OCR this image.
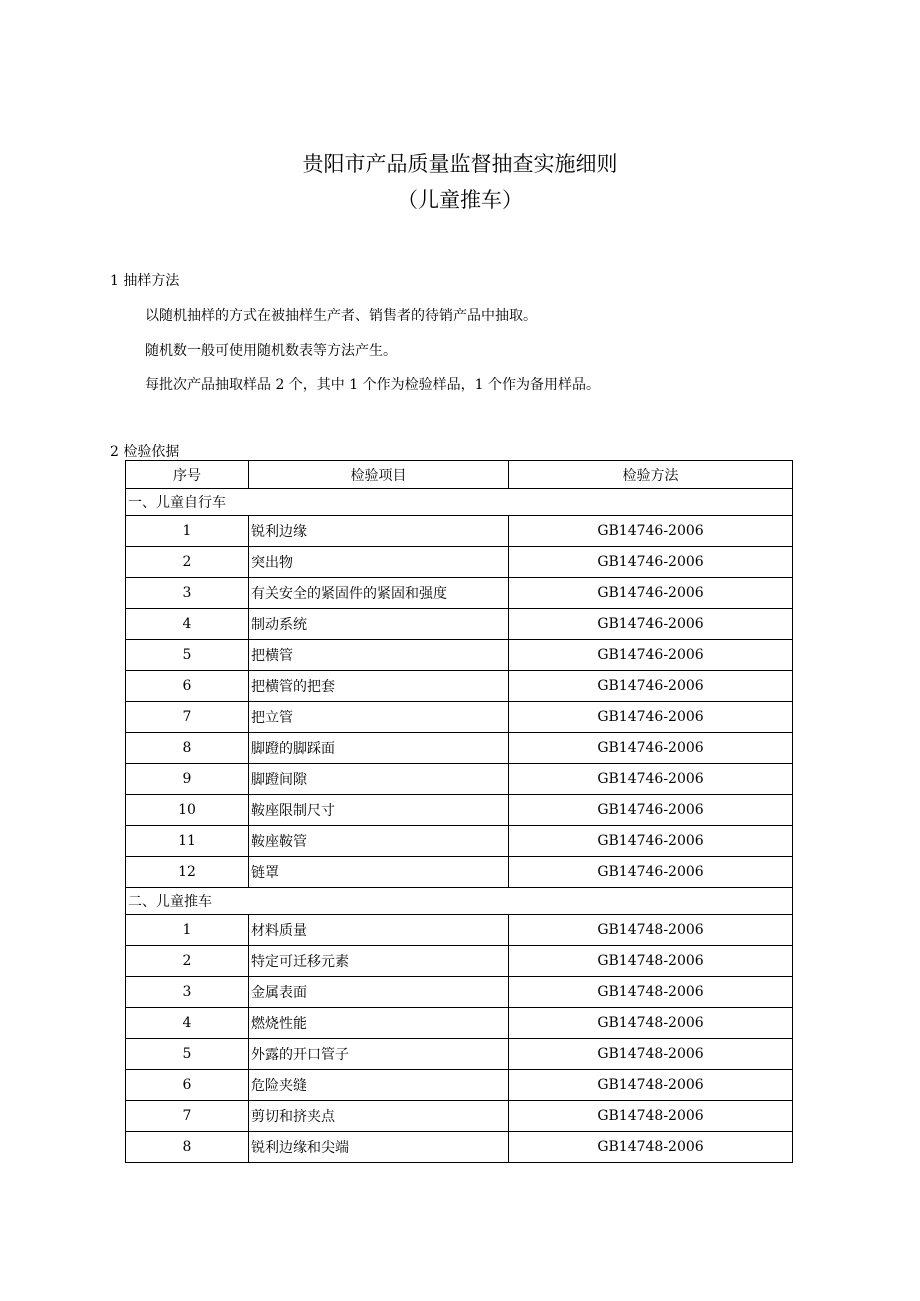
贵阳市产品质量监督抽查实施细则
（儿童推车）
1 抽样方法
以随机抽样的方式在被抽样生产者、销售者的待销产品中抽取。
随机数一般可使用随机数表等方法产生。
每批次产品抽取样品 2 个，其中 1 个作为检验样品，1 个作为备用样品。
2 检验依据
序号	检验项目	检验方法
一、儿童自行车		
1	锐利边缘	GB14746-2006
2	突出物	GB14746-2006
3	有关安全的紧固件的紧固和强度	GB14746-2006
4	制动系统	GB14746-2006
5	把横管	GB14746-2006
6	把横管的把套	GB14746-2006
7	把立管	GB14746-2006
8	脚蹬的脚踩面	GB14746-2006
9	脚蹬间隙	GB14746-2006
10	鞍座限制尺寸	GB14746-2006
11	鞍座鞍管	GB14746-2006
12	链罩	GB14746-2006
二、儿童推车		
1	材料质量	GB14748-2006
2	特定可迁移元素	GB14748-2006
3	金属表面	GB14748-2006
4	燃烧性能	GB14748-2006
5	外露的开口管子	GB14748-2006
6	危险夹缝	GB14748-2006
7	剪切和挤夹点	GB14748-2006
8	锐利边缘和尖端	GB14748-2006
